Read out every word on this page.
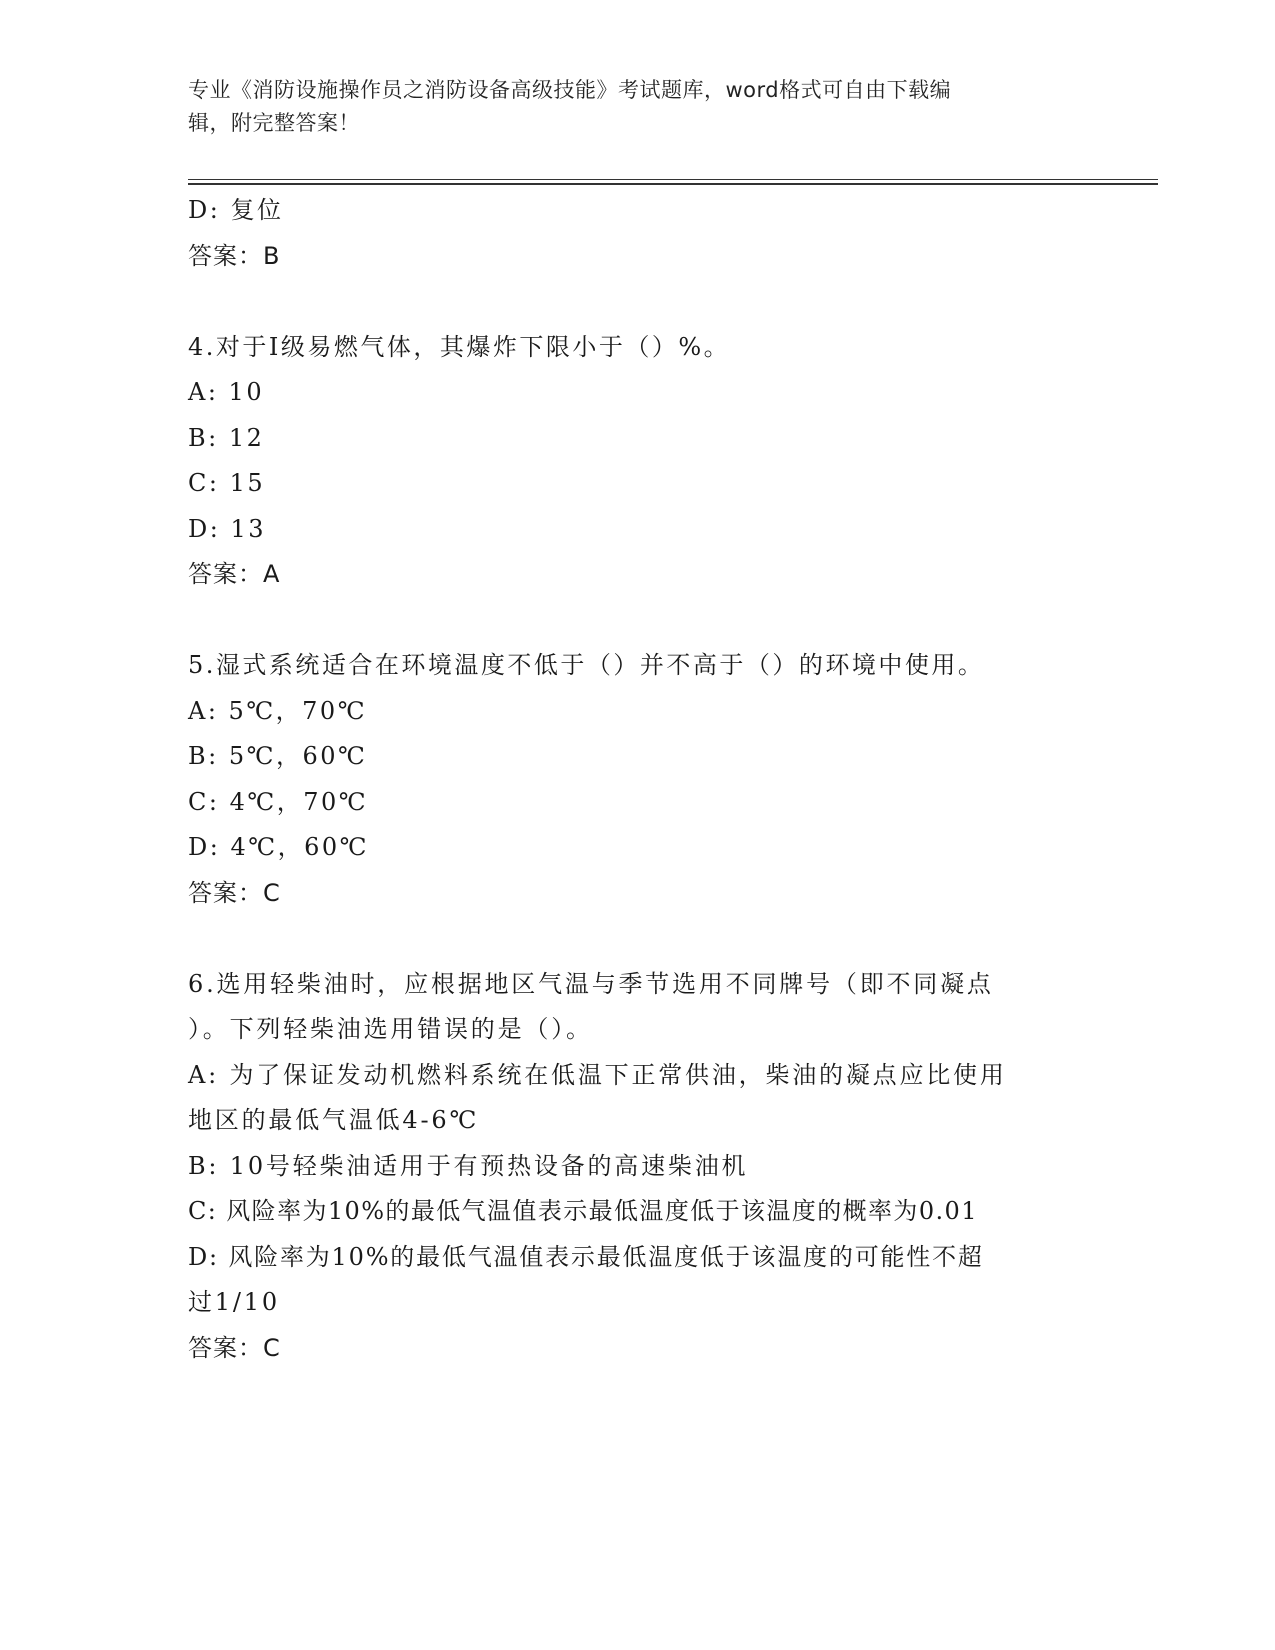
专业《消防设施操作员之消防设备高级技能》考试题库，word格式可自由下载编
辑，附完整答案！
D: 复位
答案：B
4.对于Ⅰ级易燃气体，其爆炸下限小于（）%。
A: 10
B: 12
C: 15
D: 13
答案：A
5.湿式系统适合在环境温度不低于（）并不高于（）的环境中使用。
A: 5℃，70℃
B: 5℃，60℃
C: 4℃，70℃
D: 4℃，60℃
答案：C
6.选用轻柴油时，应根据地区气温与季节选用不同牌号（即不同凝点
）。下列轻柴油选用错误的是（）。
A: 为了保证发动机燃料系统在低温下正常供油，柴油的凝点应比使用
地区的最低气温低4-6℃
B: 10号轻柴油适用于有预热设备的高速柴油机
C: 风险率为10%的最低气温值表示最低温度低于该温度的概率为0.01
D: 风险率为10%的最低气温值表示最低温度低于该温度的可能性不超
过1/10
答案：C
